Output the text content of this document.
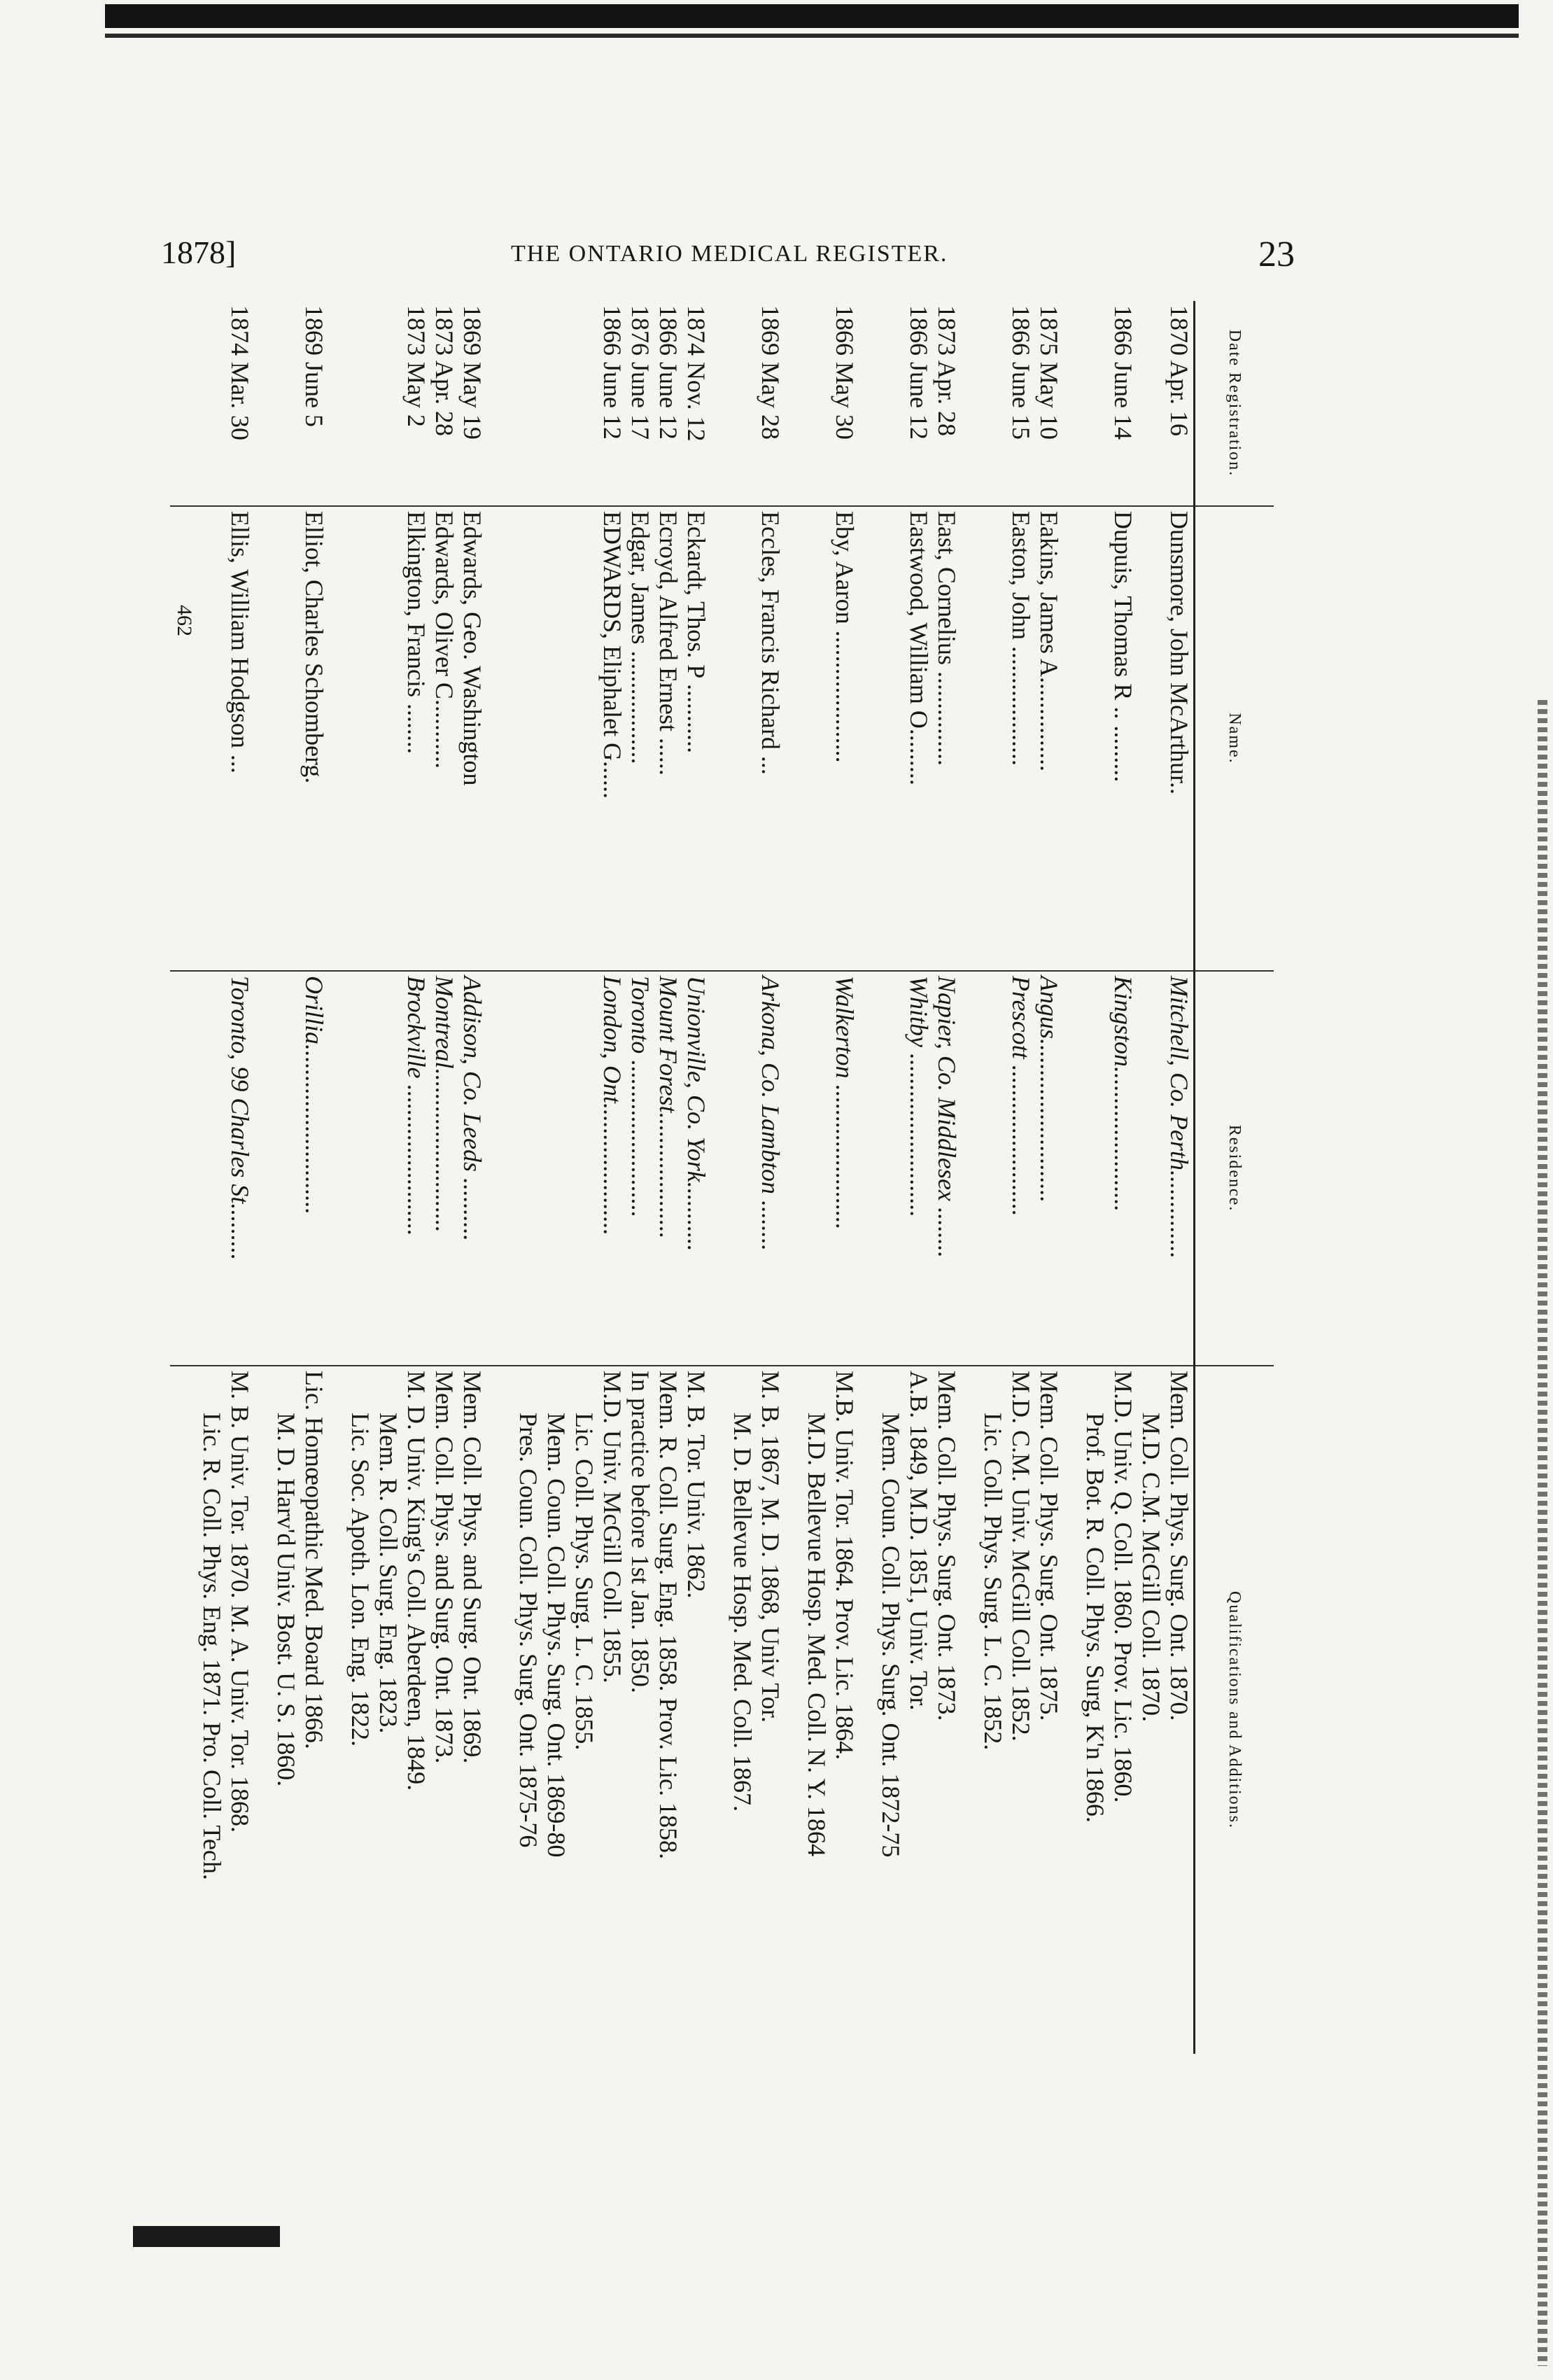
1878]	THE ONTARIO MEDICAL REGISTER.	23
Date Registration.	Name.	Residence.	Qualifications and Additions.
1870 Apr. 16	Dunsmore, John McArthur..	Mitchell, Co. Perth..............	Mem. Coll. Phys. Surg. Ont. 1870.
M.D. C.M. McGill Coll. 1870.

1866 June 14	Dupuis, Thomas R .. .........	Kingston.......................	M.D. Univ. Q. Coll. 1860. Prov. Lic. 1860.
Prof. Bot. R. Coll. Phys. Surg, K'n 1866.

1875 May 10	Eakins, James A...............	Angus..........................	Mem. Coll. Phys. Surg. Ont. 1875.

1866 June 15	Easton, John ...................	Prescott ........................	M.D. C.M. Univ. McGill Coll. 1852.
Lic. Coll. Phys. Surg. L. C. 1852.

1873 Apr. 28	East, Cornelius ...............	Napier, Co. Middlesex ........	Mem. Coll. Phys. Surg. Ont. 1873.

1866 June 12	Eastwood, William O.........	Whitby ..........................	A.B. 1849, M.D. 1851, Univ. Tor.
Mem. Coun. Coll. Phys. Surg. Ont. 1872-75

1866 May 30	Eby, Aaron .....................	Walkerton .......................	M.B. Univ. Tor. 1864. Prov. Lic. 1864.
M.D. Bellevue Hosp. Med. Coll. N. Y. 1864

1869 May 28	Eccles, Francis Richard ...	Arkona, Co. Lambton ........	M. B. 1867, M. D. 1868, Univ Tor.
M. D. Bellevue Hosp. Med. Coll. 1867.

1874 Nov. 12	Eckardt, Thos. P ...........	Unionville, Co. York...........	M. B. Tor. Univ. 1862.

1866 June 12	Ecroyd, Alfred Ernest ......	Mount Forest....................	Mem. R. Coll. Surg. Eng. 1858. Prov. Lic. 1858.

1876 June 17	Edgar, James ..................	Toronto .........................	In practice before 1st Jan. 1850.

1866 June 12	EDWARDS, Eliphalet G......	London, Ont.....................	M.D. Univ. McGill Coll. 1855.
Lic. Coll. Phys. Surg. L. C. 1855.
Mem. Coun. Coll. Phys. Surg. Ont. 1869-80
Pres. Coun. Coll. Phys. Surg. Ont. 1875-76

1869 May 19	Edwards, Geo. Washington	Addison, Co. Leeds ..........	Mem. Coll. Phys. and Surg. Ont. 1869.

1873 Apr. 28	Edwards, Oliver C...........	Montreal..........................	Mem. Coll. Phys. and Surg. Ont. 1873.

1873 May 2	Elkington, Francis ........	Brockville ........................	M. D. Univ. King's Coll. Aberdeen, 1849.
Mem. R. Coll. Surg. Eng. 1823.
Lic. Soc. Apoth. Lon. Eng. 1822.

1869 June 5	Elliot, Charles Schomberg.	Orillia...........................	Lic. Homœopathic Med. Board 1866.
M. D. Harv'd Univ. Bost. U. S. 1860.

1874 Mar. 30	Ellis, William Hodgson ...	Toronto, 99 Charles St.........	M. B. Univ. Tor. 1870. M. A. Univ. Tor. 1868.
Lic. R. Coll. Phys. Eng. 1871. Pro. Coll. Tech.

	462		
